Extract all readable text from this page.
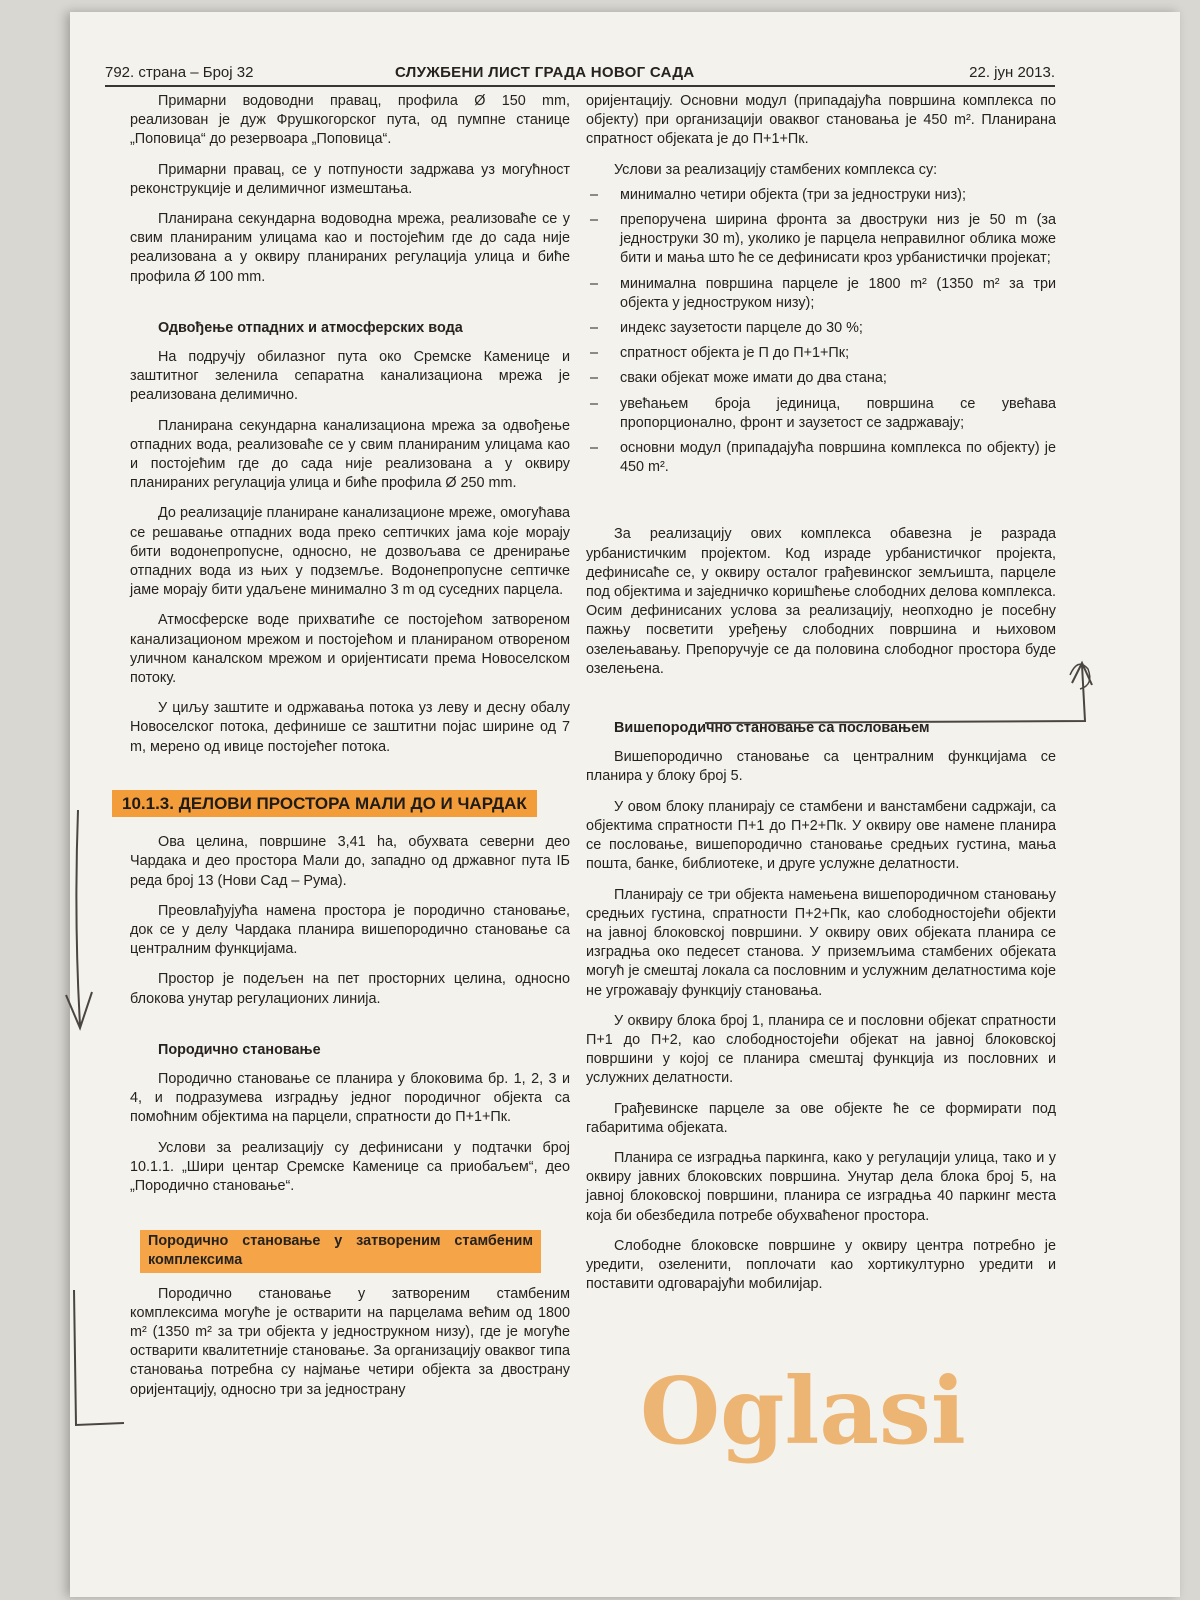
792. страна – Број 32	СЛУЖБЕНИ ЛИСТ ГРАДА НОВОГ САДА	22. јун 2013.

Примарни водоводни правац, профила Ø 150 mm, реализован је дуж Фрушкогорског пута, од пумпне станице „Поповица“ до резервоара „Поповица“.

Примарни правац, се у потпуности задржава уз могућност реконструкције и делимичног измештања.

Планирана секундарна водоводна мрежа, реализоваће се у свим планираним улицама као и постојећим где до сада није реализована а у оквиру планираних регулација улица и биће профила Ø 100 mm.

Одвођење отпадних и атмосферских вода

На подручју обилазног пута око Сремске Каменице и заштитног зеленила сепаратна канализациона мрежа је реализована делимично.

Планирана секундарна канализациона мрежа за одвођење отпадних вода, реализоваће се у свим планираним улицама као и постојећим где до сада није реализована а у оквиру планираних регулација улица и биће профила Ø 250 mm.

До реализације планиране канализационе мреже, омогућава се решавање отпадних вода преко септичких јама које морају бити водонепропусне, односно, не дозвољава се дренирање отпадних вода из њих у подземље. Водонепропусне септичке јаме морају бити удаљене минимално 3 m од суседних парцела.

Атмосферске воде прихватиће се постојећом затвореном канализационом мрежом и постојећом и планираном отвореном уличном каналском мрежом и оријентисати према Новоселском потоку.

У циљу заштите и одржавања потока уз леву и десну обалу Новоселског потока, дефинише се заштитни појас ширине од 7 m, мерено од ивице постојећег потока.

10.1.3. ДЕЛОВИ ПРОСТОРА МАЛИ ДО И ЧАРДАК

Ова целина, површине 3,41 ha, обухвата северни део Чардака и део простора Мали до, западно од државног пута IБ реда број 13 (Нови Сад – Рума).

Преовлађујућа намена простора је породично становање, док се у делу Чардака планира вишепородично становање са централним функцијама.

Простор је подељен на пет просторних целина, односно блокова унутар регулационих линија.

Породично становање

Породично становање се планира у блоковима бр. 1, 2, 3 и 4, и подразумева изградњу једног породичног објекта са помоћним објектима на парцели, спратности до П+1+Пк.

Услови за реализацију су дефинисани у подтачки број 10.1.1. „Шири центар Сремске Каменице са приобаљем“, део „Породично становање“.

Породично становање у затвореним стамбеним комплексима

Породично становање у затвореним стамбеним комплексима могуће је остварити на парцелама већим од 1800 m² (1350 m² за три објекта у једнострукном низу), где је могуће остварити квалитетније становање. За организацију оваквог типа становања потребна су најмање четири објекта за двострану оријентацију, односно три за једнострану

оријентацију. Основни модул (припадајућа површина комплекса по објекту) при организацији оваквог становања је 450 m². Планирана спратност објеката је до П+1+Пк.

Услови за реализацију стамбених комплекса су:

– минимално четири објекта (три за једноструки низ);
– препоручена ширина фронта за двоструки низ је 50 m (за једноструки 30 m), уколико је парцела неправилног облика може бити и мања што ће се дефинисати кроз урбанистички пројекат;
– минимална површина парцеле је 1800 m² (1350 m² за три објекта у једноструком низу);
– индекс заузетости парцеле до 30 %;
– спратност објекта је П до П+1+Пк;
– сваки објекат може имати до два стана;
– увећањем броја јединица, површина се увећава пропорционално, фронт и заузетост се задржавају;
– основни модул (припадајућа површина комплекса по објекту) је 450 m².

За реализацију ових комплекса обавезна је разрада урбанистичким пројектом. Код израде урбанистичког пројекта, дефинисаће се, у оквиру осталог грађевинског земљишта, парцеле под објектима и заједничко коришћење слободних делова комплекса. Осим дефинисаних услова за реализацију, неопходно је посебну пажњу посветити уређењу слободних површина и њиховом озелењавању. Препоручује се да половина слободног простора буде озелењена.

Вишепородично становање са пословањем

Вишепородично становање са централним функцијама се планира у блоку број 5.

У овом блоку планирају се стамбени и ванстамбени садржаји, са објектима спратности П+1 до П+2+Пк. У оквиру ове намене планира се пословање, вишепородично становање средњих густина, мања пошта, банке, библиотеке, и друге услужне делатности.

Планирају се три објекта намењена вишепородичном становању средњих густина, спратности П+2+Пк, као слободностојећи објекти на јавној блоковској површини. У оквиру ових објеката планира се изградња око педесет станова. У приземљима стамбених објеката могућ је смештај локала са пословним и услужним делатностима које не угрожавају функцију становања.

У оквиру блока број 1, планира се и пословни објекат спратности П+1 до П+2, као слободностојећи објекат на јавној блоковској површини у којој се планира смештај функција из пословних и услужних делатности.

Грађевинске парцеле за ове објекте ће се формирати под габаритима објеката.

Планира се изградња паркинга, како у регулацији улица, тако и у оквиру јавних блоковских површина. Унутар дела блока број 5, на јавној блоковској површини, планира се изградња 40 паркинг места која би обезбедила потребе обухваћеног простора.

Слободне блоковске површине у оквиру центра потребно је уредити, озеленити, поплочати као хортикултурно уредити и поставити одговарајући мобилијар.

Oglasi
